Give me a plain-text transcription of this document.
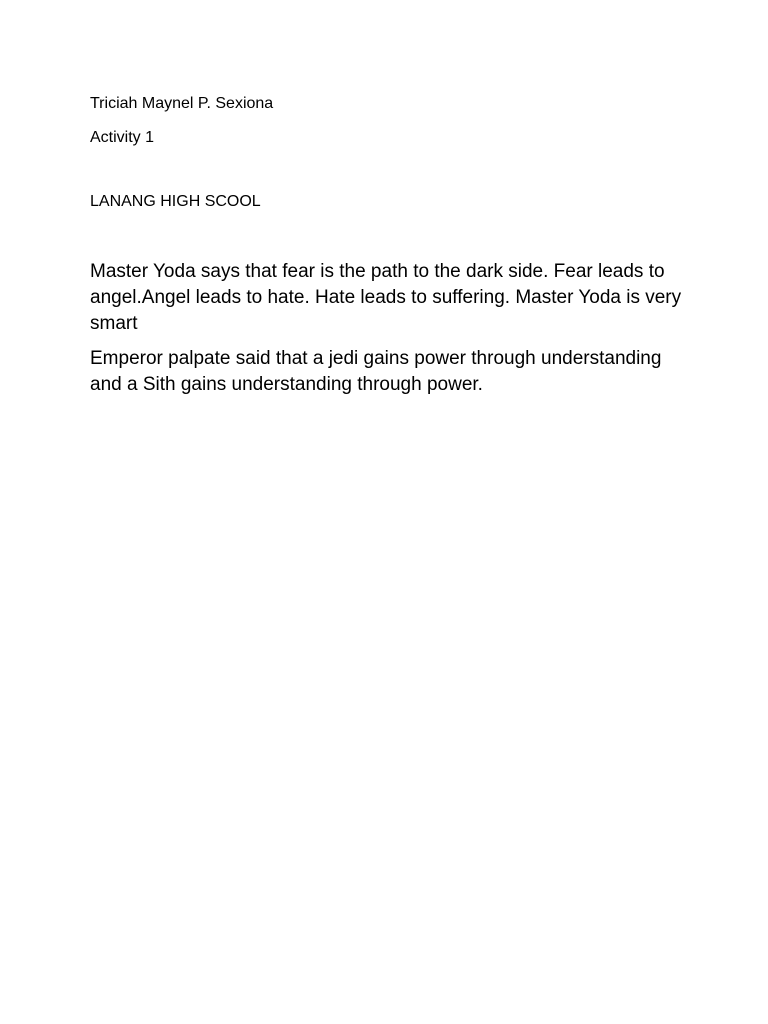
Triciah Maynel P. Sexiona

Activity 1

LANANG HIGH SCOOL

Master Yoda says that fear is the path to the dark side. Fear leads to angel.Angel leads to hate. Hate leads to suffering. Master Yoda is very smart

Emperor palpate said that a jedi gains power through understanding and a Sith gains understanding through power.
